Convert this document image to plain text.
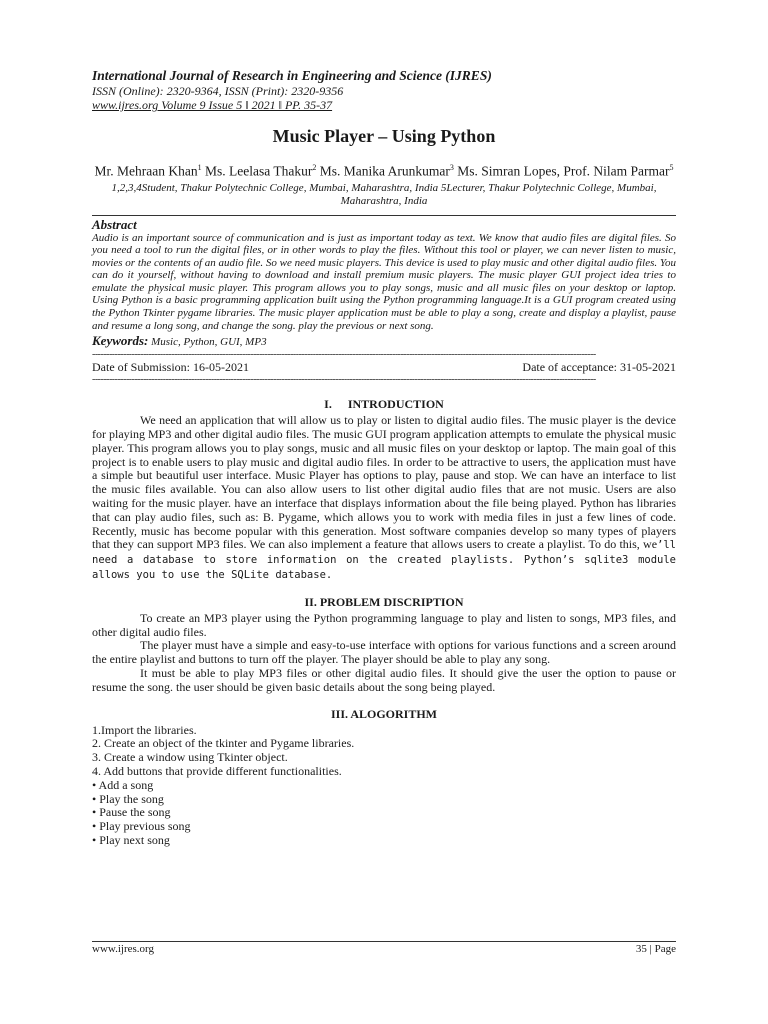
International Journal of Research in Engineering and Science (IJRES)

ISSN (Online): 2320-9364, ISSN (Print): 2320-9356

www.ijres.org Volume 9 Issue 5 ‖ 2021 ‖ PP. 35-37

Music Player – Using Python

Mr. Mehraan Khan$^1$ Ms. Leelasa Thakur$^2$ Ms. Manika Arunkumar$^3$ Ms. Simran Lopes, Prof. Nilam Parmar$^5$

1,2,3,4Student, Thakur Polytechnic College, Mumbai, Maharashtra, India 5Lecturer, Thakur Polytechnic College, Mumbai, Maharashtra, India

Abstract

Audio is an important source of communication and is just as important today as text. We know that audio files are digital files. So you need a tool to run the digital files, or in other words to play the files. Without this tool or player, we can never listen to music, movies or the contents of an audio file. So we need music players. This device is used to play music and other digital audio files. You can do it yourself, without having to download and install premium music players. The music player GUI project idea tries to emulate the physical music player. This program allows you to play songs, music and all music files on your desktop or laptop. Using Python is a basic programming application built using the Python programming language.It is a GUI program created using the Python Tkinter pygame libraries. The music player application must be able to play a song, create and display a playlist, pause and resume a long song, and change the song. play the previous or next song.

Keywords: Music, Python, GUI, MP3

----------------------------------------------------------------------------------------------------------------------------------------------------------------------------------
Date of Submission: 16-05-2021	Date of acceptance: 31-05-2021
----------------------------------------------------------------------------------------------------------------------------------------------------------------------------------
I. INTRODUCTION

We need an application that will allow us to play or listen to digital audio files. The music player is the device for playing MP3 and other digital audio files. The music GUI program application attempts to emulate the physical music player. This program allows you to play songs, music and all music files on your desktop or laptop. The main goal of this project is to enable users to play music and digital audio files. In order to be attractive to users, the application must have a simple but beautiful user interface. Music Player has options to play, pause and stop. We can have an interface to list the music files available. You can also allow users to list other digital audio files that are not music. Users are also waiting for the music player. have an interface that displays information about the file being played. Python has libraries that can play audio files, such as: B. Pygame, which allows you to work with media files in just a few lines of code. Recently, music has become popular with this generation. Most software companies develop so many types of players that they can support MP3 files. We can also implement a feature that allows users to create a playlist. To do this, we’ll need a database to store information on the created playlists. Python’s sqlite3 module allows you to use the SQLite database.

II. PROBLEM DISCRIPTION

To create an MP3 player using the Python programming language to play and listen to songs, MP3 files, and other digital audio files.

The player must have a simple and easy-to-use interface with options for various functions and a screen around the entire playlist and buttons to turn off the player. The player should be able to play any song.

It must be able to play MP3 files or other digital audio files. It should give the user the option to pause or resume the song. the user should be given basic details about the song being played.

III. ALOGORITHM

1.Import the libraries.

2. Create an object of the tkinter and Pygame libraries.

3. Create a window using Tkinter object.

4. Add buttons that provide different functionalities.

• Add a song

• Play the song

• Pause the song

• Play previous song

• Play next song

www.ijres.org	35 | Page
